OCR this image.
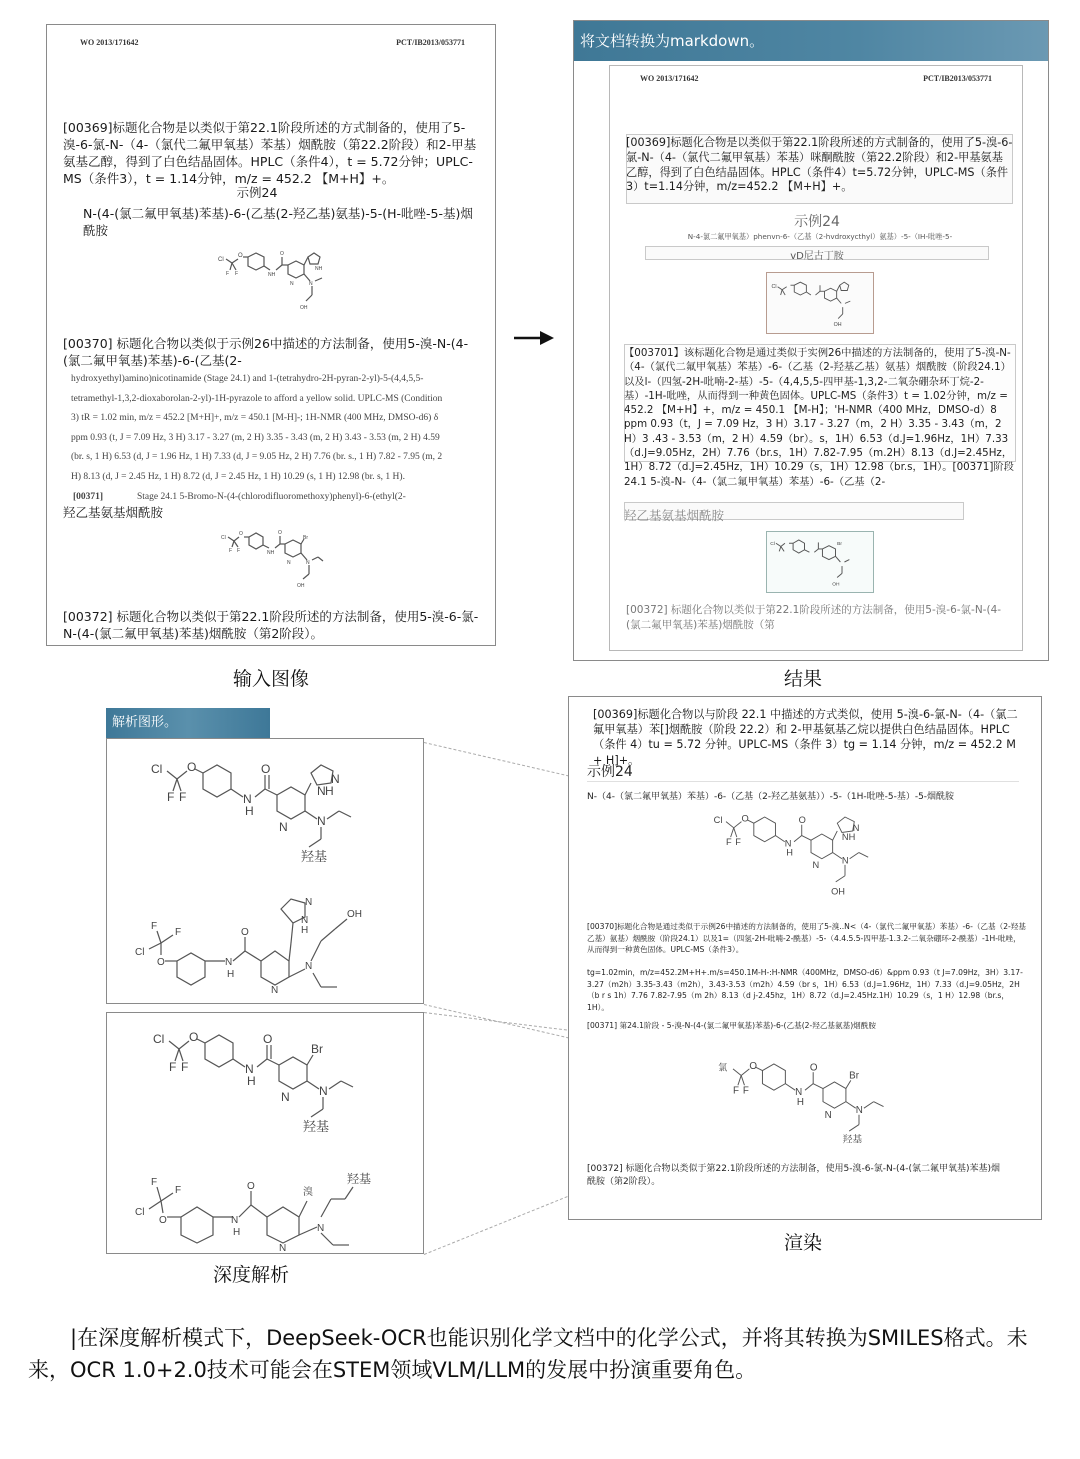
WO 2013/171642	PCT/IB2013/053771
[00369]标题化合物是以类似于第22.1阶段所述的方式制备的，使用了5-溴-6-氯-N-（4-（氯代二氟甲氧基）苯基）烟酰胺（第22.2阶段）和2-甲基氨基乙醇，得到了白色结晶固体。HPLC（条件4），t = 5.72分钟；UPLC-MS（条件3），t = 1.14分钟，m/z = 452.2 【M+H】+。
示例24
N-(4-(氯二氟甲氧基)苯基)-6-(乙基(2-羟乙基)氨基)-5-(H-吡唑-5-基)烟酰胺
Cl
O
F F	NH
O
N
NH
N
OH
[00370] 标题化合物以类似于示例26中描述的方法制备，使用5-溴-N-(4-(氯二氟甲氧基)苯基)-6-(乙基(2-
hydroxyethyl)amino)nicotinamide (Stage 24.1) and 1-(tetrahydro-2H-pyran-2-yl)-5-(4,4,5,5-
tetramethyl-1,3,2-dioxaborolan-2-yl)-1H-pyrazole to afford a yellow solid. UPLC-MS (Condition
3) tR = 1.02 min, m/z = 452.2 [M+H]+, m/z = 450.1 [M-H]-; 1H-NMR (400 MHz, DMSO-d6) δ
ppm 0.93 (t, J = 7.09 Hz, 3 H) 3.17 - 3.27 (m, 2 H) 3.35 - 3.43 (m, 2 H) 3.43 - 3.53 (m, 2 H) 4.59
(br. s, 1 H) 6.53 (d, J = 1.96 Hz, 1 H) 7.33 (d, J = 9.05 Hz, 2 H) 7.76 (br. s., 1 H) 7.82 - 7.95 (m, 2
H) 8.13 (d, J = 2.45 Hz, 1 H) 8.72 (d, J = 2.45 Hz, 1 H) 10.29 (s, 1 H) 12.98 (br. s, 1 H).
[00371]	Stage 24.1 5-Bromo-N-(4-(chlorodifluoromethoxy)phenyl)-6-(ethyl(2-
羟乙基氨基烟酰胺
Cl
O
F F	NH
O
N
Br
N
OH
[00372] 标题化合物以类似于第22.1阶段所述的方法制备，使用5-溴-6-氯-N-(4-(氯二氟甲氧基)苯基)烟酰胺（第2阶段）。
输入图像
将文档转换为markdown。
WO 2013/171642	PCT/IB2013/053771
[00369]标题化合物是以类似于第22.1阶段所述的方式制备的，使用了5-溴-6-氯-N-（4-（氯代二氟甲氧基）苯基）咪酮酰胺（第22.2阶段）和2-甲基氨基乙醇，得到了白色结晶固体。HPLC（条件4）t=5.72分钟，UPLC-MS（条件3）t=1.14分钟，m/z=452.2 【M+H】+。
示例24
N-4-氯二氟甲氧基）phenvn-6-（乙基（2-hvdroxycthyl）氨基）-5-（IH-吡唑-5-
vD尼古丁胺
Cl
OH
【003701】该标题化合物是通过类似于实例26中描述的方法制备的，使用了5-溴-N-（4-（氯代二氟甲氧基）苯基）-6-（乙基（2-羟基乙基）氨基）烟酰胺（阶段24.1）以及l-（四氢-2H-吡喃-2-基）-5-（4,4,5,5-四甲基-1,3,2-二氧杂硼杂环丁烷-2-基）-1H-吡唑，从而得到一种黄色固体。UPLC-MS（条件3）t = 1.02分钟，m/z = 452.2 【M+H】+，m/z = 450.1 【M-H】；'H-NMR（400 MHz，DMSO-d）8 ppm 0.93（t，J = 7.09 Hz，3 H）3.17 - 3.27（m，2 H）3.35 - 3.43（m，2 H）3 .43 - 3.53（m，2 H）4.59（br）。s，1H）6.53（d.J=1.96Hz，1H）7.33（d.J=9.05Hz，2H）7.76（br.s，1H）7.82-7.95（m.2H）8.13（d.J=2.45Hz，1H）8.72（d.J=2.45Hz，1H）10.29（s，1H）12.98（br.s，1H）。[00371]阶段24.1 5-溴-N-（4-（氯二氟甲氧基）苯基）-6-（乙基（2-
羟乙基氨基烟酰胺
Cl	Br
OH
[00372] 标题化合物以类似于第22.1阶段所述的方法制备，使用5-溴-6-氯-N-(4-(氯二氟甲氧基)苯基)烟酰胺（第
结果
解析图形。
Cl O
F F	N
H
O
N N
N
N H
羟基
Cl
F
F
O	N
H
O
N
N
N
N
H
OH
Cl O
F F	N
H
O
N N
Br
羟基
Cl
F
F
O	N
H
O
N
N
溴
羟基
深度解析
[00369]标题化合物以与阶段 22.1 中描述的方式类似，使用 5-溴-6-氯-N-（4-（氯二氟甲氧基）苯[]烟酰胺（阶段 22.2）和 2-甲基氨基乙烷以提供白色结晶固体。HPLC（条件 4）tu = 5.72 分钟。UPLC-MS（条件 3）tg = 1.14 分钟，m/z = 452.2 M + H]+。
示例24
N-（4-（氯二氟甲氧基）苯基）-6-（乙基（2-羟乙基氨基））-5-（1H-吡唑-5-基）-5-烟酰胺
Cl O
F F	N
H
O
N N
N
NH
OH
[00370]标题化合物是通过类似于示例26中描述的方法制备的，使用了5-溴..N<（4-（氯代二氟甲氧基）苯基）-6-（乙基（2-羟基乙基）氨基）烟酰胺（阶段24.1）以及1=（四氢-2H-吡喃-2-酰基）-5-（4.4.5.5-四甲基-1.3.2-二氧杂硼环-2-酰基）-1H-吡唑，从而得到一种黄色固体。UPLC-MS（条件3）。
tg=1.02min，m/z=452.2M+H+.m/s=450.1M-H-:H-NMR（400MHz，DMSO-d6）&ppm 0.93（t J=7.09Hz，3H）3.17-3.27（m2h）3.35-3.43（m2h），3.43-3.53（m2h）4.59（br s，1H）6.53（d.J=1.96Hz，1H）7.33（d.J=9.05Hz，2H（b r s 1h）7.76 7.82-7.95（m 2h）8.13（d j-2.45hz，1H）8.72（d.J=2.45Hz.1H）10.29（s，1 H）12.98（br.s，1H）。
[00371] 第24.1阶段 - 5-溴-N-(4-(氯二氟甲氧基)苯基)-6-(乙基(2-羟乙基氨基)烟酰胺
O
F F	N
H
O
N N
Br
氯
羟基
[00372] 标题化合物以类似于第22.1阶段所述的方法制备，使用5-溴-6-氯-N-(4-(氯二氟甲氧基)苯基)烟酰胺（第2阶段）。
渲染
|在深度解析模式下，DeepSeek-OCR也能识别化学文档中的化学公式，并将其转换为SMILES格式。未来，OCR 1.0+2.0技术可能会在STEM领域VLM/LLM的发展中扮演重要角色。
